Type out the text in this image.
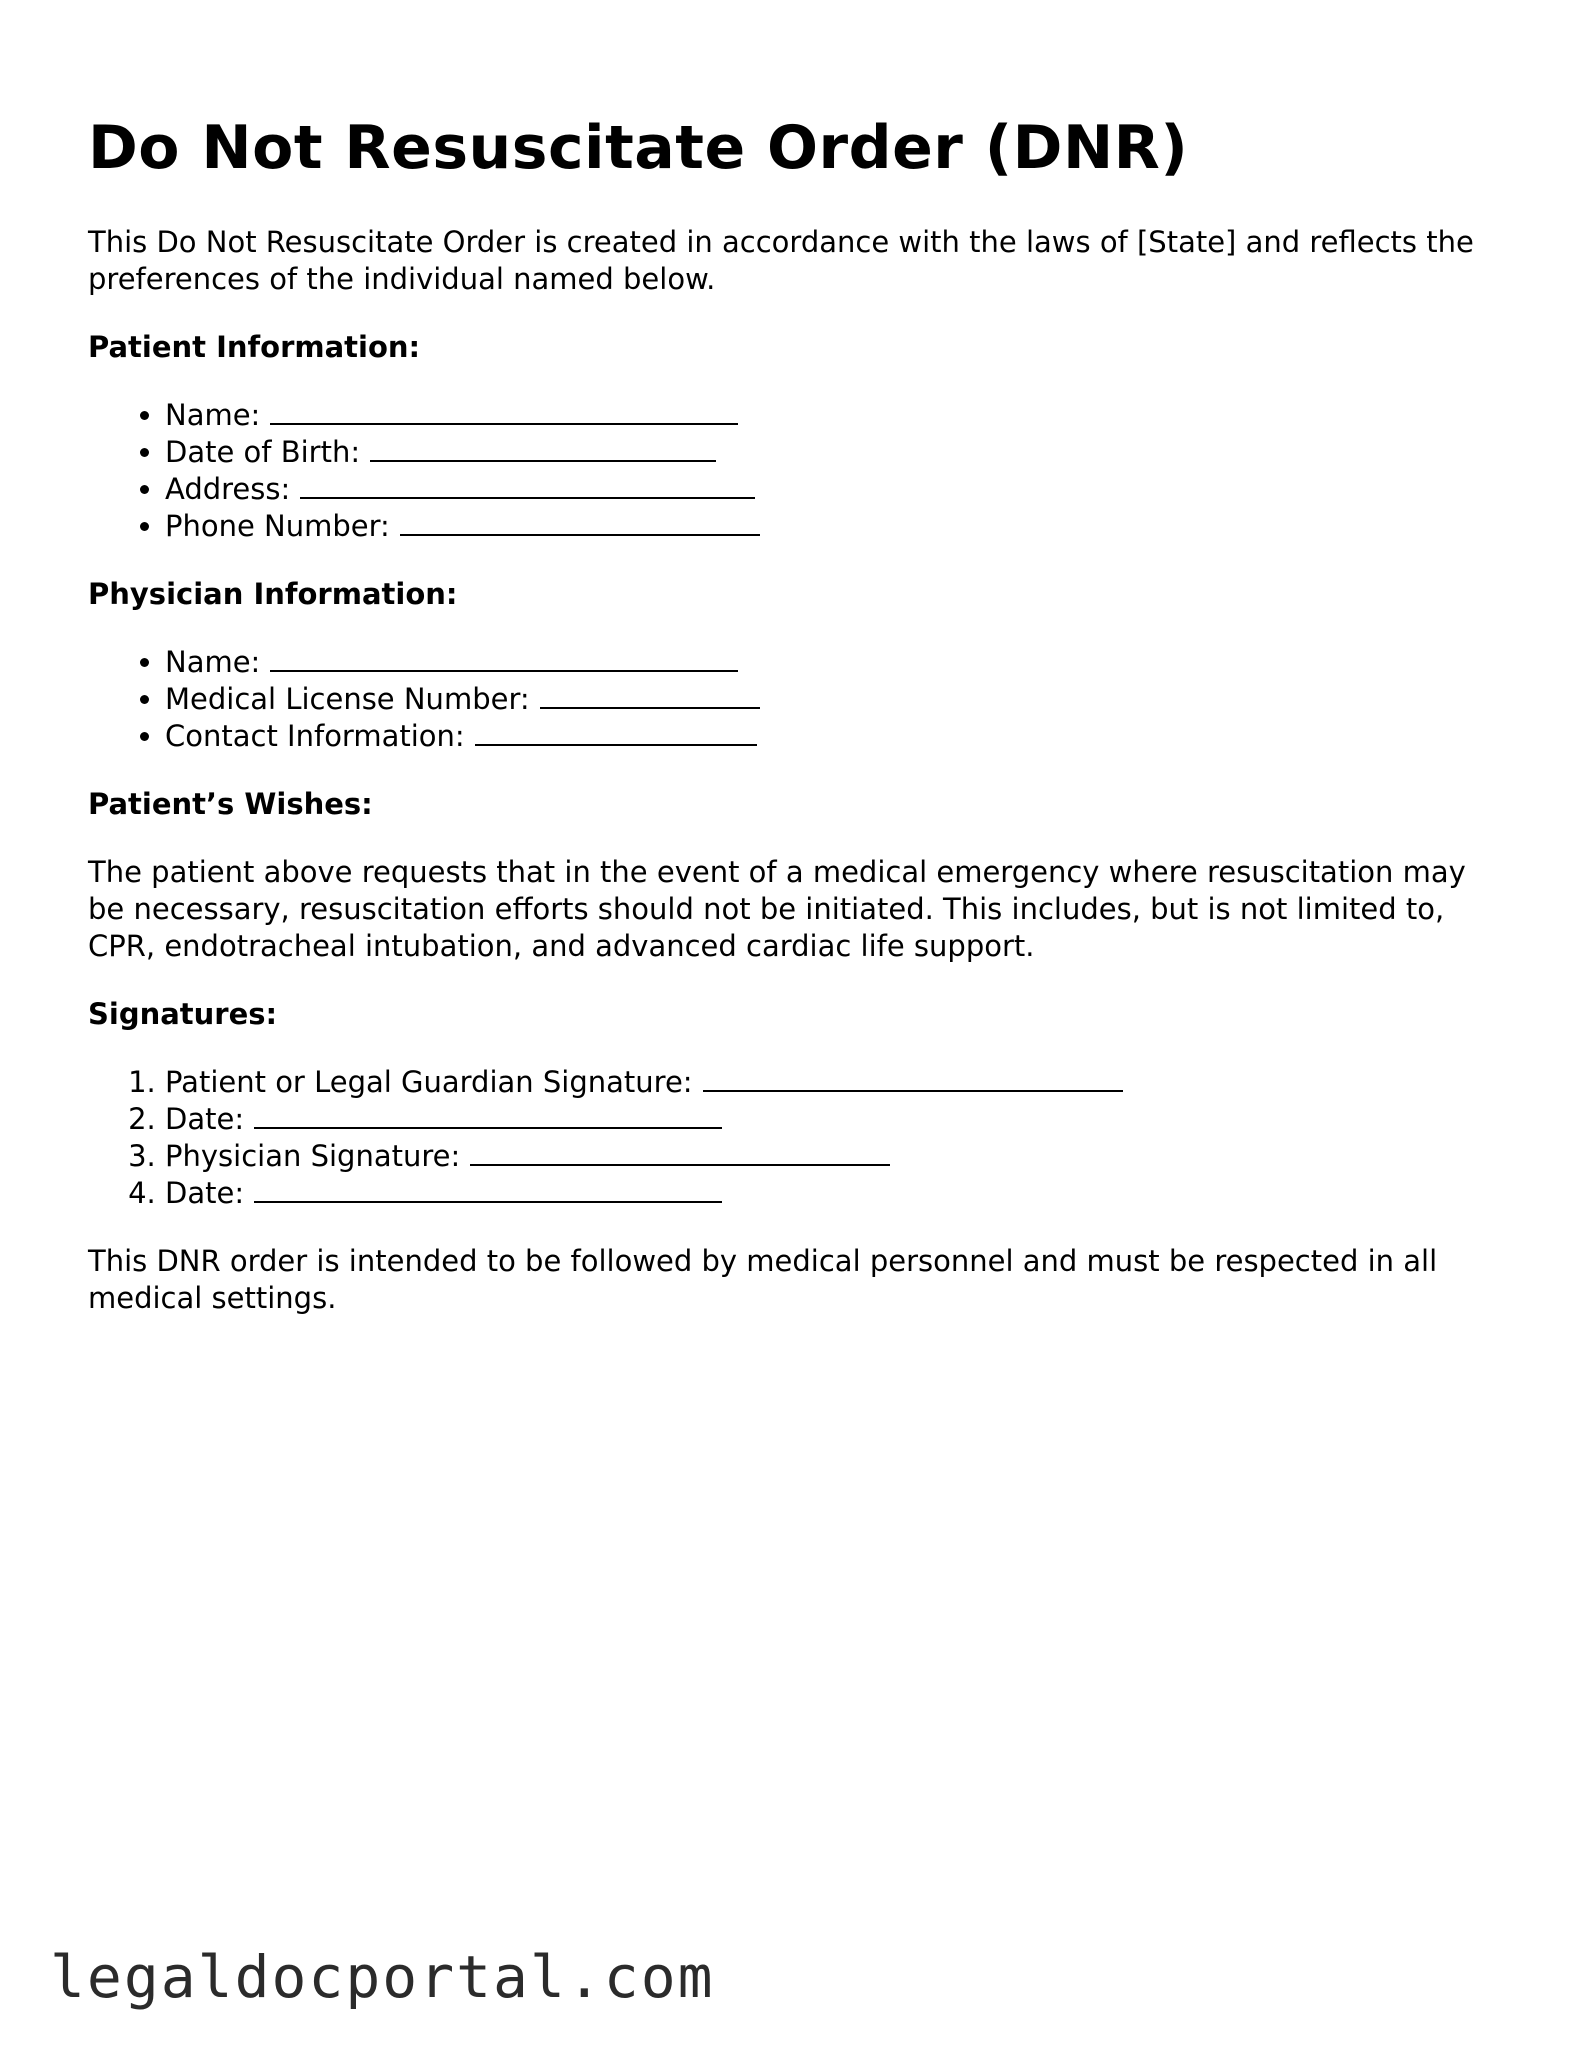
Do Not Resuscitate Order (DNR)

This Do Not Resuscitate Order is created in accordance with the laws of [State] and reflects the preferences of the individual named below.

Patient Information:
• Name:
• Date of Birth:
• Address:
• Phone Number:
Physician Information:
• Name:
• Medical License Number:
• Contact Information:
Patient’s Wishes:

The patient above requests that in the event of a medical emergency where resuscitation may be necessary, resuscitation efforts should not be initiated. This includes, but is not limited to, CPR, endotracheal intubation, and advanced cardiac life support.

Signatures:
1. Patient or Legal Guardian Signature:
2. Date:
3. Physician Signature:
4. Date:

This DNR order is intended to be followed by medical personnel and must be respected in all medical settings.

legaldocportal.com
